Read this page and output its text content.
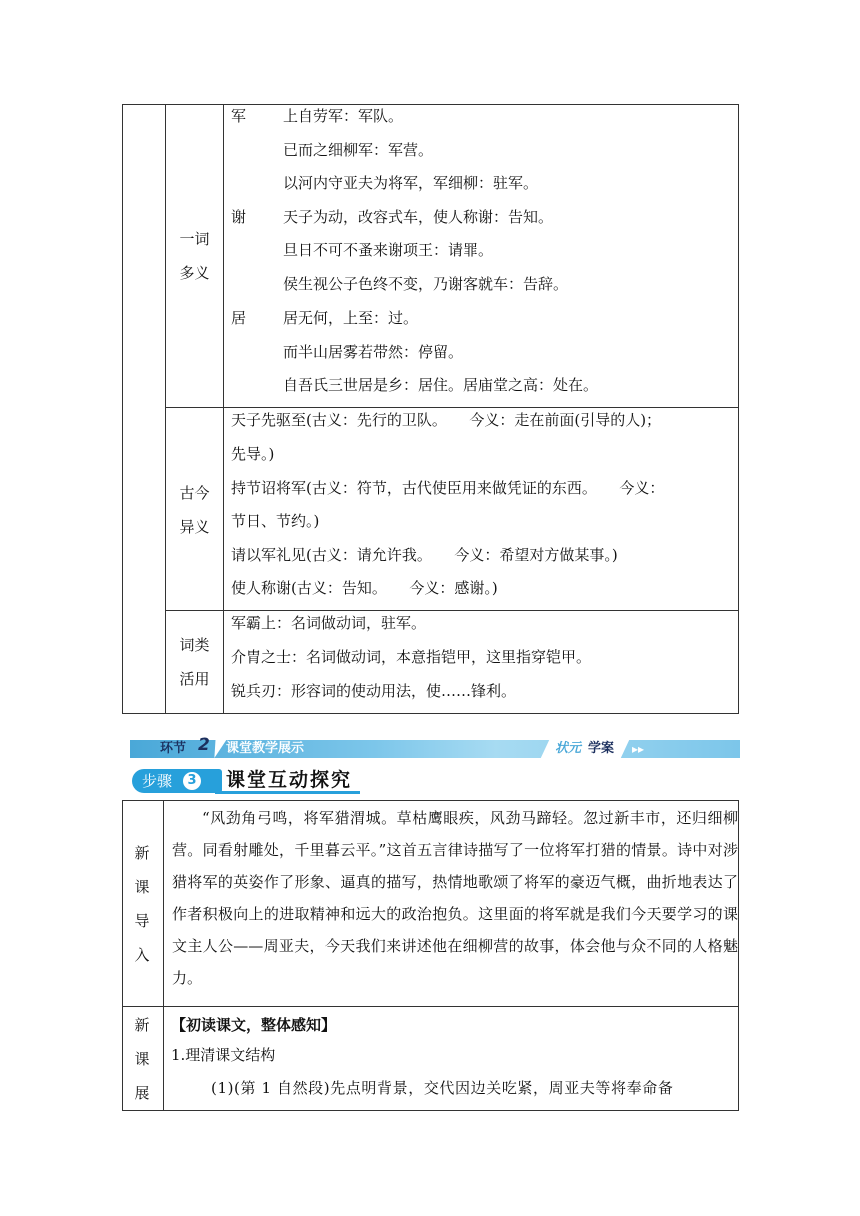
一词
多义
军 上自劳军：军队。
已而之细柳军：军营。
以河内守亚夫为将军，军细柳：驻军。
谢 天子为动，改容式车，使人称谢：告知。
旦日不可不蚤来谢项王：请罪。
侯生视公子色终不变，乃谢客就车：告辞。
居 居无何，上至：过。
而半山居雾若带然：停留。
自吾氏三世居是乡：居住。居庙堂之高：处在。
古今
异义
天子先驱至(古义：先行的卫队。　　今义：走在前面(引导的人)；
先导。)
持节诏将军(古义：符节，古代使臣用来做凭证的东西。　　今义：
节日、节约。)
请以军礼见(古义：请允许我。　　今义：希望对方做某事。)
使人称谢(古义：告知。　　今义：感谢。)
词类
活用
军霸上：名词做动词，驻军。
介胄之士：名词做动词，本意指铠甲，这里指穿铠甲。
锐兵刃：形容词的使动用法，使……锋利。
环节 2 课堂教学展示	状元 学案 ▸▸
步骤	3 课堂互动探究
新
课
导
入
“风劲角弓鸣，将军猎渭城。草枯鹰眼疾，风劲马蹄轻。忽过新丰市，还归细柳营。同看射雕处，千里暮云平。”这首五言律诗描写了一位将军打猎的情景。诗中对涉猎将军的英姿作了形象、逼真的描写，热情地歌颂了将军的豪迈气概，曲折地表达了作者积极向上的进取精神和远大的政治抱负。这里面的将军就是我们今天要学习的课文主人公——周亚夫，今天我们来讲述他在细柳营的故事，体会他与众不同的人格魅力。
新
课
展
【初读课文，整体感知】
1.理清课文结构
(1)(第 1 自然段)先点明背景，交代因边关吃紧，周亚夫等将奉命备
